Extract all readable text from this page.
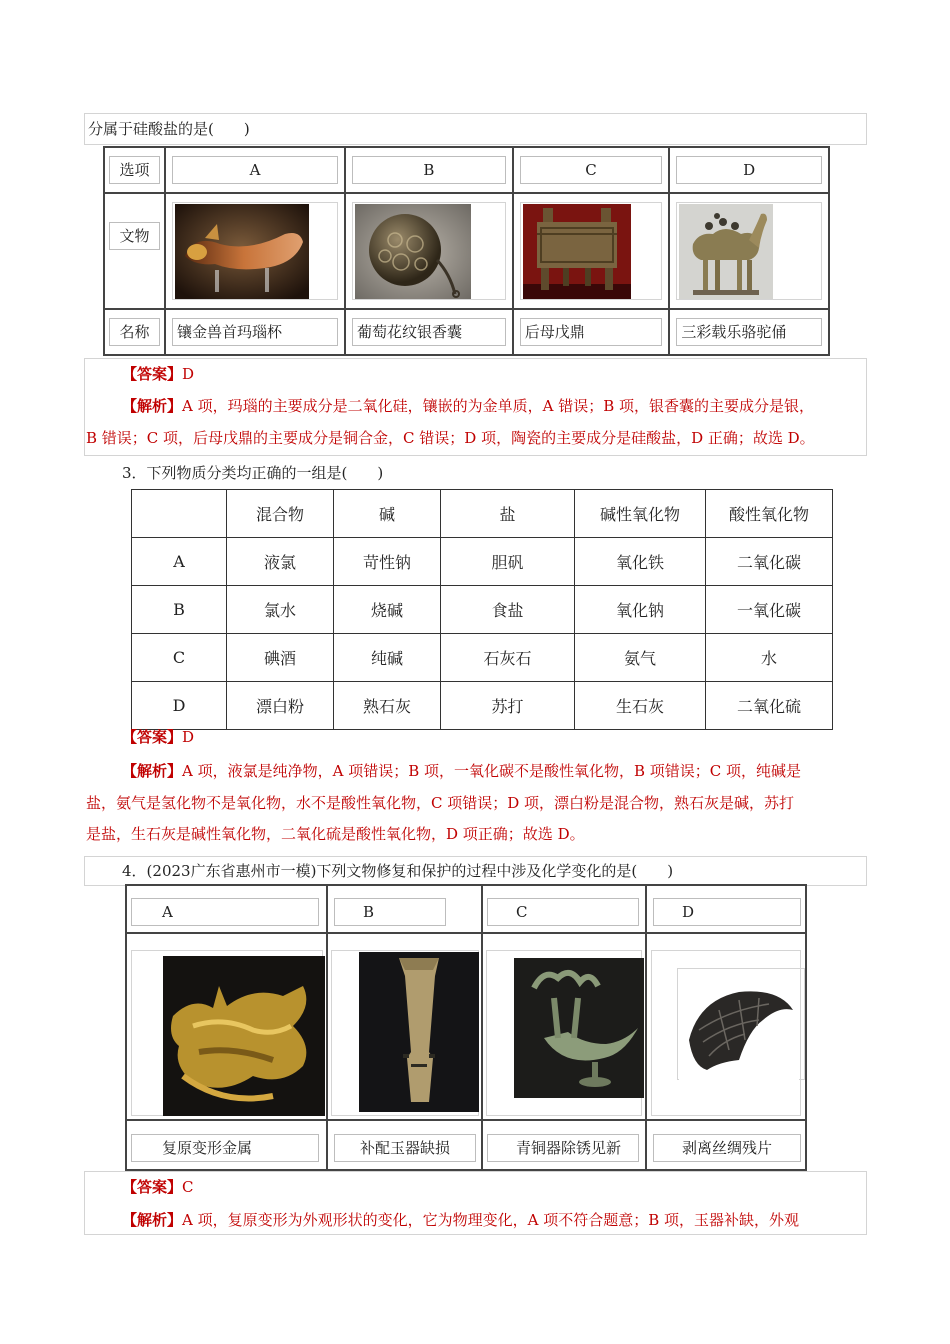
分属于硅酸盐的是(　　)
选项	A	B	C	D

文物

名称	镶金兽首玛瑙杯	葡萄花纹银香囊	后母戊鼎	三彩载乐骆驼俑
【答案】D
【解析】A 项，玛瑙的主要成分是二氧化硅，镶嵌的为金单质，A 错误；B 项，银香囊的主要成分是银，
B 错误；C 项，后母戊鼎的主要成分是铜合金，C 错误；D 项，陶瓷的主要成分是硅酸盐，D 正确；故选 D。
3．下列物质分类均正确的一组是(　　)
	混合物	碱	盐	碱性氧化物	酸性氧化物
A	液氯	苛性钠	胆矾	氧化铁	二氧化碳
B	氯水	烧碱	食盐	氧化钠	一氧化碳
C	碘酒	纯碱	石灰石	氨气	水
D	漂白粉	熟石灰	苏打	生石灰	二氧化硫
【答案】D
【解析】A 项，液氯是纯净物，A 项错误；B 项，一氧化碳不是酸性氧化物，B 项错误；C 项，纯碱是
盐，氨气是氢化物不是氧化物，水不是酸性氧化物，C 项错误；D 项，漂白粉是混合物，熟石灰是碱，苏打
是盐，生石灰是碱性氧化物，二氧化硫是酸性氧化物，D 项正确；故选 D。
4．(2023广东省惠州市一模)下列文物修复和保护的过程中涉及化学变化的是(　　)
A	B	C	D
复原变形金属	补配玉器缺损	青铜器除锈见新	剥离丝绸残片
【答案】C
【解析】A 项，复原变形为外观形状的变化，它为物理变化，A 项不符合题意；B 项，玉器补缺，外观
